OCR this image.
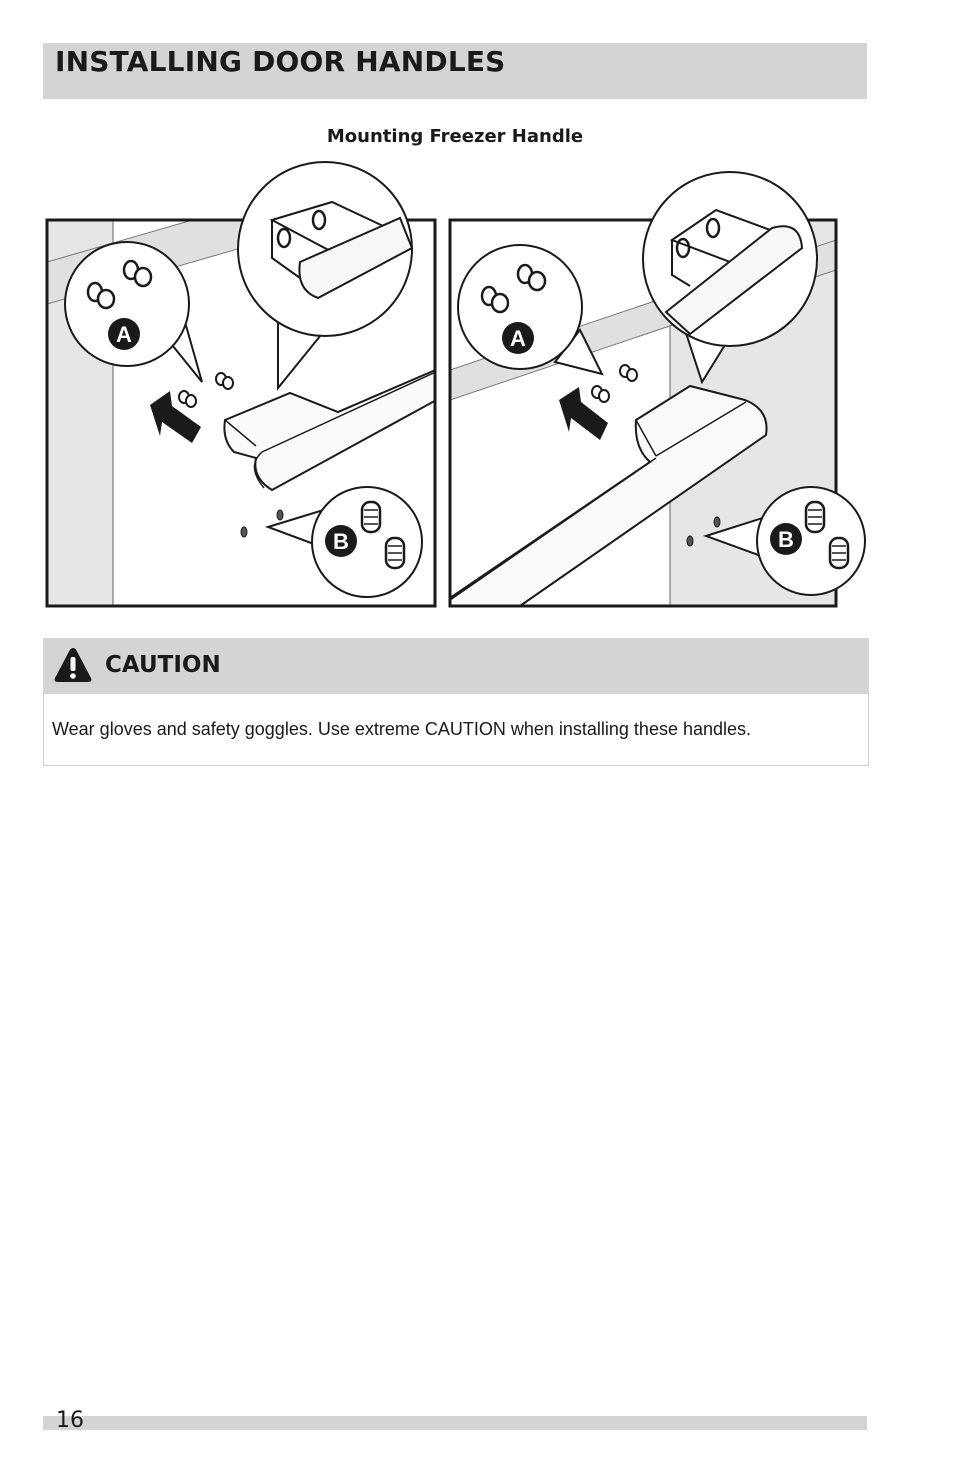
INSTALLING DOOR HANDLES
Mounting Freezer Handle
A
B
A
B
CAUTION

Wear gloves and safety goggles. Use extreme CAUTION when installing these handles.

16
